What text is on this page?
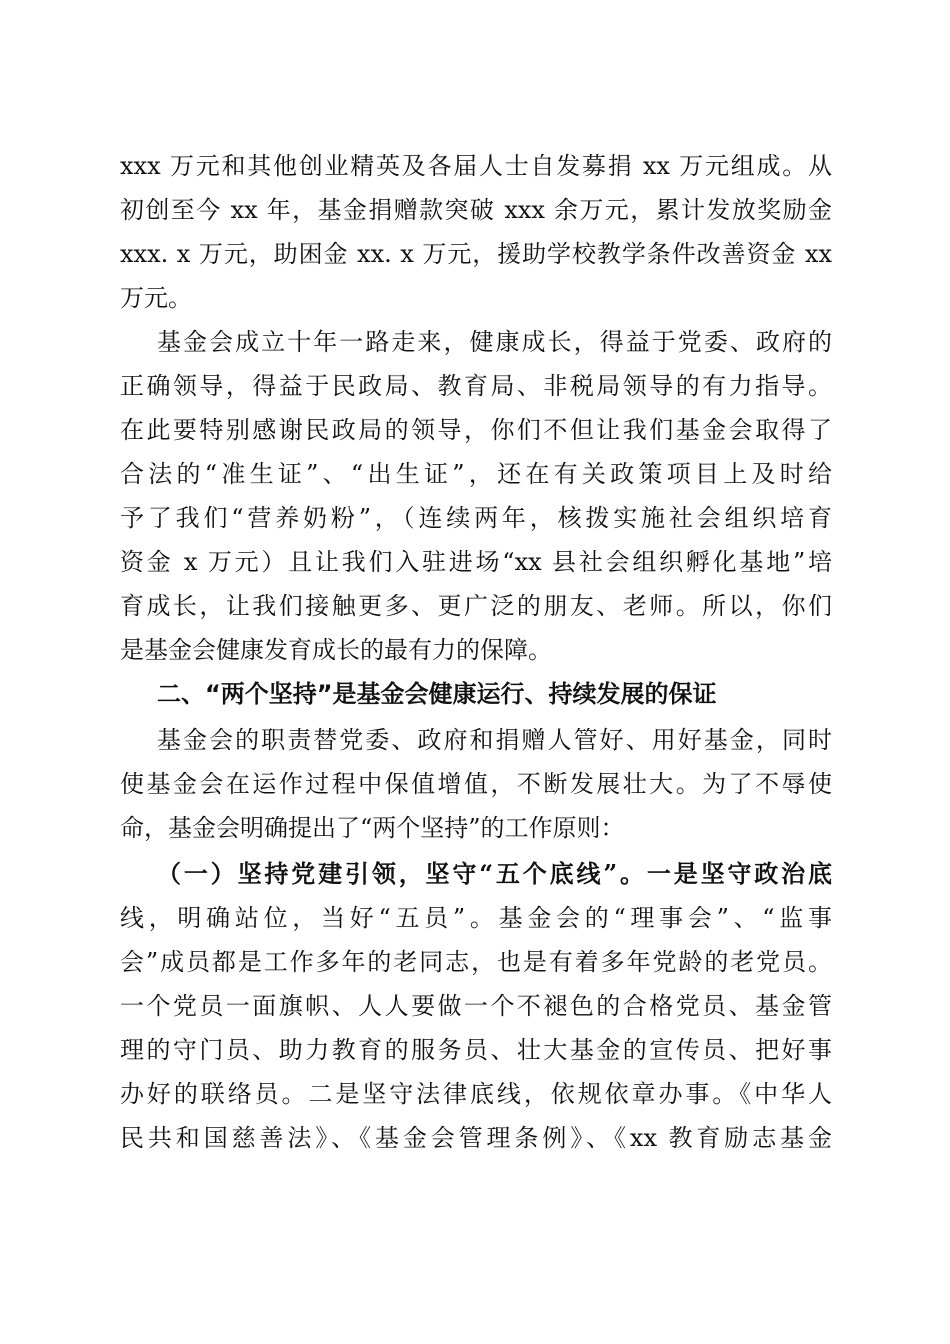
xxx 万元和其他创业精英及各届人士自发募捐 xx 万元组成。从
初创至今 xx 年，基金捐赠款突破 xxx 余万元，累计发放奖励金
xxx. x 万元，助困金 xx. x 万元，援助学校教学条件改善资金 xx
万元。
基金会成立十年一路走来，健康成长，得益于党委、政府的
正确领导，得益于民政局、教育局、非税局领导的有力指导。
在此要特别感谢民政局的领导，你们不但让我们基金会取得了
合法的“准生证”、“出生证”，还在有关政策项目上及时给
予了我们“营养奶粉”，（连续两年，核拨实施社会组织培育
资金 x 万元）且让我们入驻进场“xx 县社会组织孵化基地”培
育成长，让我们接触更多、更广泛的朋友、老师。所以，你们
是基金会健康发育成长的最有力的保障。
二、“两个坚持”是基金会健康运行、持续发展的保证
基金会的职责替党委、政府和捐赠人管好、用好基金，同时
使基金会在运作过程中保值增值，不断发展壮大。为了不辱使
命，基金会明确提出了“两个坚持”的工作原则：
（一）坚持党建引领，坚守“五个底线”。一是坚守政治底
线，明确站位，当好“五员”。基金会的“理事会”、“监事
会”成员都是工作多年的老同志，也是有着多年党龄的老党员。
一个党员一面旗帜、人人要做一个不褪色的合格党员、基金管
理的守门员、助力教育的服务员、壮大基金的宣传员、把好事
办好的联络员。二是坚守法律底线，依规依章办事。《中华人
民共和国慈善法》、《基金会管理条例》、《xx 教育励志基金
